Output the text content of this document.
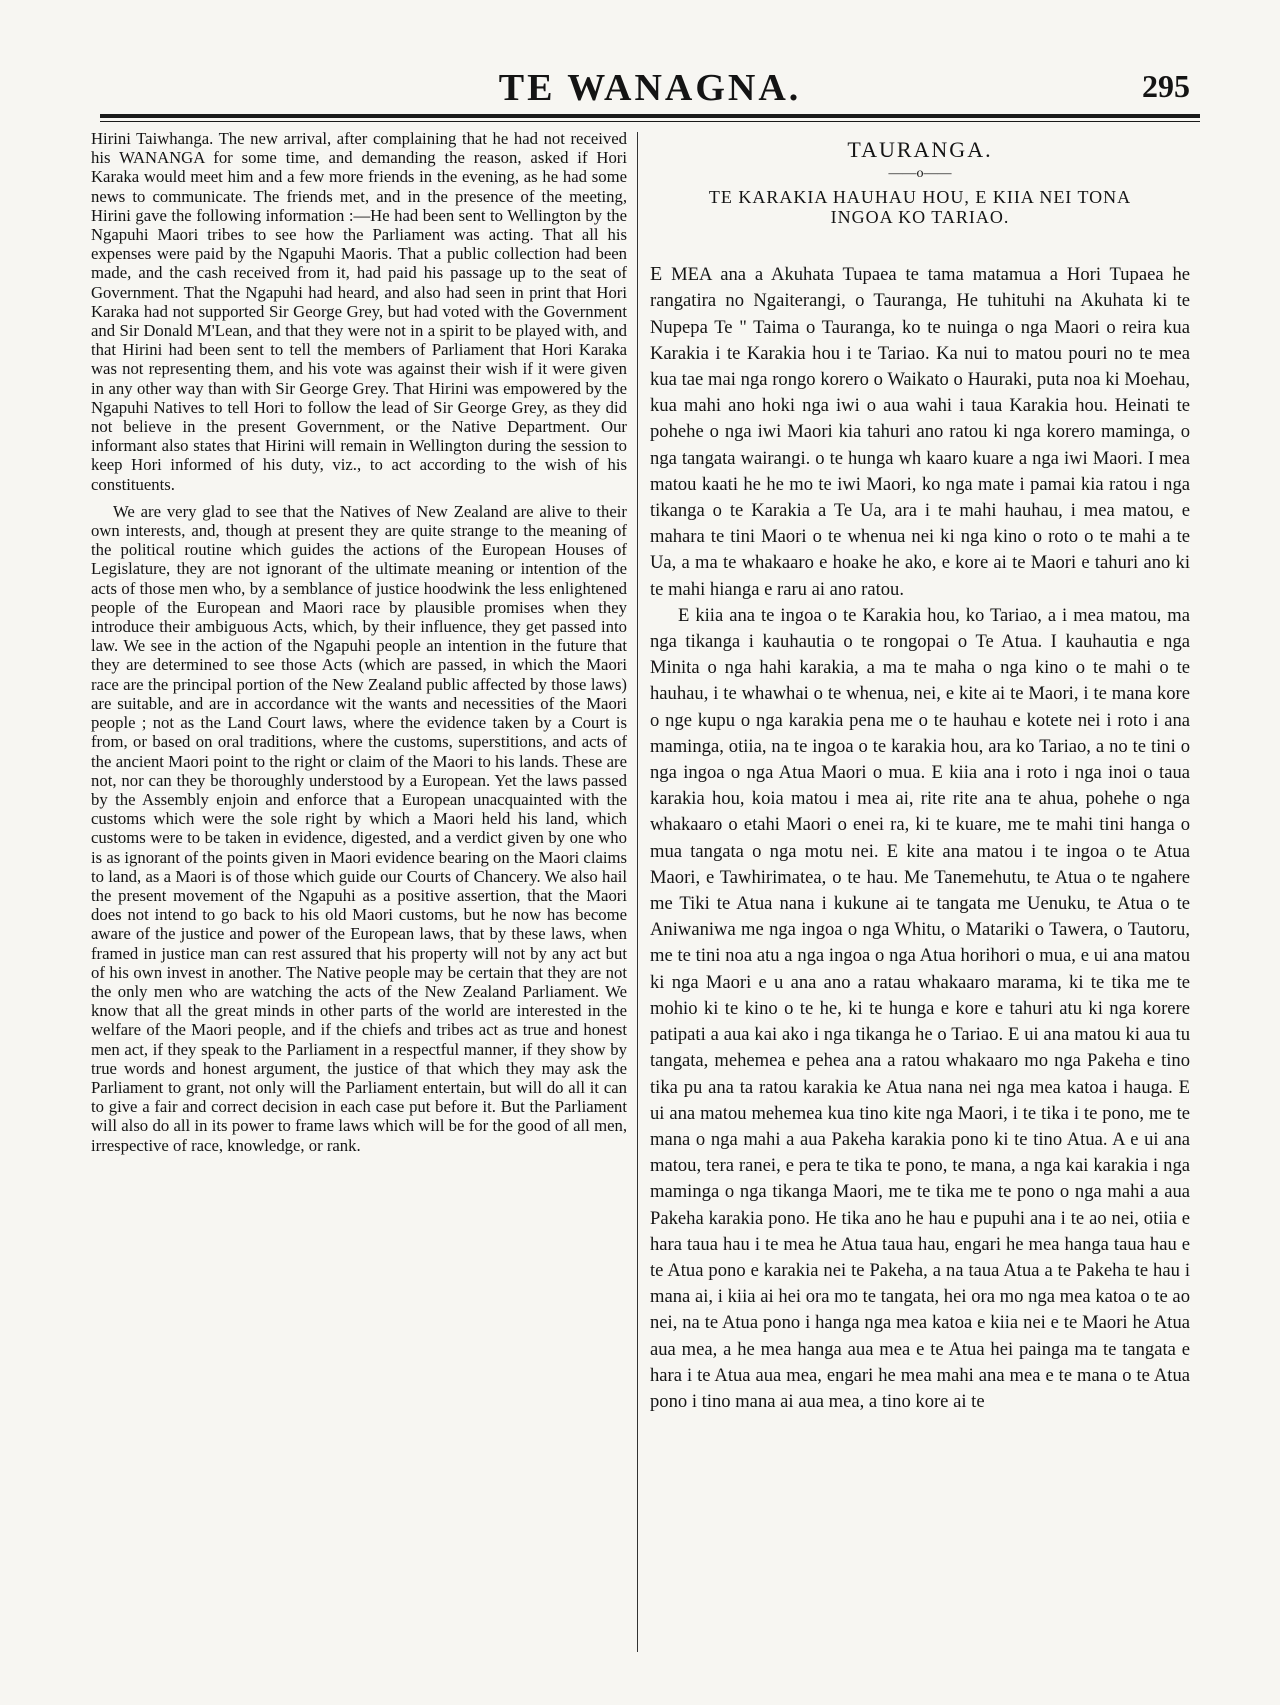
TE WANAGNA.	295

Hirini Taiwhanga. The new arrival, after complaining that he had not received his WANANGA for some time, and demanding the reason, asked if Hori Karaka would meet him and a few more friends in the evening, as he had some news to communicate. The friends met, and in the presence of the meeting, Hirini gave the following information :—He had been sent to Wellington by the Ngapuhi Maori tribes to see how the Parliament was acting. That all his expenses were paid by the Ngapuhi Maoris. That a public collection had been made, and the cash received from it, had paid his passage up to the seat of Government. That the Ngapuhi had heard, and also had seen in print that Hori Karaka had not supported Sir George Grey, but had voted with the Government and Sir Donald M'Lean, and that they were not in a spirit to be played with, and that Hirini had been sent to tell the members of Parliament that Hori Karaka was not representing them, and his vote was against their wish if it were given in any other way than with Sir George Grey. That Hirini was empowered by the Ngapuhi Natives to tell Hori to follow the lead of Sir George Grey, as they did not believe in the present Government, or the Native Department. Our informant also states that Hirini will remain in Wellington during the session to keep Hori informed of his duty, viz., to act according to the wish of his constituents.

We are very glad to see that the Natives of New Zealand are alive to their own interests, and, though at present they are quite strange to the meaning of the political routine which guides the actions of the European Houses of Legislature, they are not ignorant of the ultimate meaning or intention of the acts of those men who, by a semblance of justice hoodwink the less enlightened people of the European and Maori race by plausible promises when they introduce their ambiguous Acts, which, by their influence, they get passed into law. We see in the action of the Ngapuhi people an intention in the future that they are determined to see those Acts (which are passed, in which the Maori race are the principal portion of the New Zealand public affected by those laws) are suitable, and are in accordance wit the wants and necessities of the Maori people ; not as the Land Court laws, where the evidence taken by a Court is from, or based on oral traditions, where the customs, superstitions, and acts of the ancient Maori point to the right or claim of the Maori to his lands. These are not, nor can they be thoroughly understood by a European. Yet the laws passed by the Assembly enjoin and enforce that a European unacquainted with the customs which were the sole right by which a Maori held his land, which customs were to be taken in evidence, digested, and a verdict given by one who is as ignorant of the points given in Maori evidence bearing on the Maori claims to land, as a Maori is of those which guide our Courts of Chancery. We also hail the present movement of the Ngapuhi as a positive assertion, that the Maori does not intend to go back to his old Maori customs, but he now has become aware of the justice and power of the European laws, that by these laws, when framed in justice man can rest assured that his property will not by any act but of his own invest in another. The Native people may be certain that they are not the only men who are watching the acts of the New Zealand Parliament. We know that all the great minds in other parts of the world are interested in the welfare of the Maori people, and if the chiefs and tribes act as true and honest men act, if they speak to the Parliament in a respectful manner, if they show by true words and honest argument, the justice of that which they may ask the Parliament to grant, not only will the Parliament entertain, but will do all it can to give a fair and correct decision in each case put before it. But the Parliament will also do all in its power to frame laws which will be for the good of all men, irrespective of race, knowledge, or rank.

TAURANGA.
——o——
TE KARAKIA HAUHAU HOU, E KIIA NEI TONA INGOA KO TARIAO.

E MEA ana a Akuhata Tupaea te tama matamua a Hori Tupaea he rangatira no Ngaiterangi, o Tauranga, He tuhituhi na Akuhata ki te Nupepa Te " Taima o Tauranga, ko te nuinga o nga Maori o reira kua Karakia i te Karakia hou i te Tariao. Ka nui to matou pouri no te mea kua tae mai nga rongo korero o Waikato o Hauraki, puta noa ki Moehau, kua mahi ano hoki nga iwi o aua wahi i taua Karakia hou. Heinati te pohehe o nga iwi Maori kia tahuri ano ratou ki nga korero maminga, o nga tangata wairangi. o te hunga wh kaaro kuare a nga iwi Maori. I mea matou kaati he he mo te iwi Maori, ko nga mate i pamai kia ratou i nga tikanga o te Karakia a Te Ua, ara i te mahi hauhau, i mea matou, e mahara te tini Maori o te whenua nei ki nga kino o roto o te mahi a te Ua, a ma te whakaaro e hoake he ako, e kore ai te Maori e tahuri ano ki te mahi hianga e raru ai ano ratou.

E kiia ana te ingoa o te Karakia hou, ko Tariao, a i mea matou, ma nga tikanga i kauhautia o te rongopai o Te Atua. I kauhautia e nga Minita o nga hahi karakia, a ma te maha o nga kino o te mahi o te hauhau, i te whawhai o te whenua, nei, e kite ai te Maori, i te mana kore o nge kupu o nga karakia pena me o te hauhau e kotete nei i roto i ana maminga, otiia, na te ingoa o te karakia hou, ara ko Tariao, a no te tini o nga ingoa o nga Atua Maori o mua. E kiia ana i roto i nga inoi o taua karakia hou, koia matou i mea ai, rite rite ana te ahua, pohehe o nga whakaaro o etahi Maori o enei ra, ki te kuare, me te mahi tini hanga o mua tangata o nga motu nei. E kite ana matou i te ingoa o te Atua Maori, e Tawhirimatea, o te hau. Me Tanemehutu, te Atua o te ngahere me Tiki te Atua nana i kukune ai te tangata me Uenuku, te Atua o te Aniwaniwa me nga ingoa o nga Whitu, o Matariki o Tawera, o Tautoru, me te tini noa atu a nga ingoa o nga Atua horihori o mua, e ui ana matou ki nga Maori e u ana ano a ratau whakaaro marama, ki te tika me te mohio ki te kino o te he, ki te hunga e kore e tahuri atu ki nga korere patipati a aua kai ako i nga tikanga he o Tariao. E ui ana matou ki aua tu tangata, mehemea e pehea ana a ratou whakaaro mo nga Pakeha e tino tika pu ana ta ratou karakia ke Atua nana nei nga mea katoa i hauga. E ui ana matou mehemea kua tino kite nga Maori, i te tika i te pono, me te mana o nga mahi a aua Pakeha karakia pono ki te tino Atua. A e ui ana matou, tera ranei, e pera te tika te pono, te mana, a nga kai karakia i nga maminga o nga tikanga Maori, me te tika me te pono o nga mahi a aua Pakeha karakia pono. He tika ano he hau e pupuhi ana i te ao nei, otiia e hara taua hau i te mea he Atua taua hau, engari he mea hanga taua hau e te Atua pono e karakia nei te Pakeha, a na taua Atua a te Pakeha te hau i mana ai, i kiia ai hei ora mo te tangata, hei ora mo nga mea katoa o te ao nei, na te Atua pono i hanga nga mea katoa e kiia nei e te Maori he Atua aua mea, a he mea hanga aua mea e te Atua hei painga ma te tangata e hara i te Atua aua mea, engari he mea mahi ana mea e te mana o te Atua pono i tino mana ai aua mea, a tino kore ai te
